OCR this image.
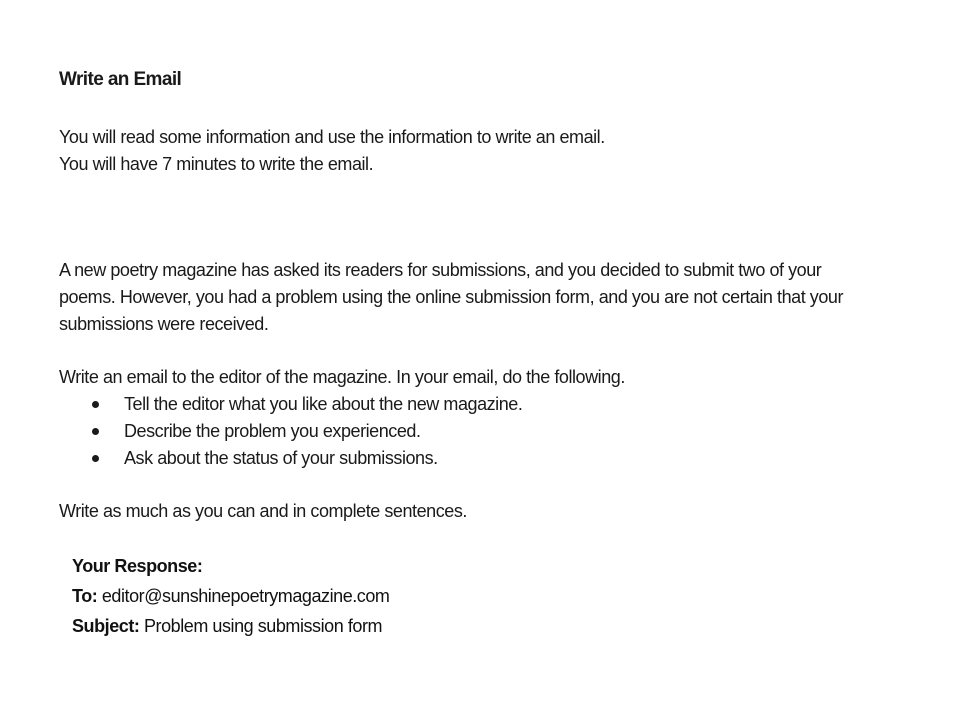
Write an Email

You will read some information and use the information to write an email.

You will have 7 minutes to write the email.

A new poetry magazine has asked its readers for submissions, and you decided to submit two of your poems. However, you had a problem using the online submission form, and you are not certain that your submissions were received.

Write an email to the editor of the magazine. In your email, do the following.

Tell the editor what you like about the new magazine.
Describe the problem you experienced.
Ask about the status of your submissions.

Write as much as you can and in complete sentences.

Your Response:

To: editor@sunshinepoetrymagazine.com

Subject: Problem using submission form
